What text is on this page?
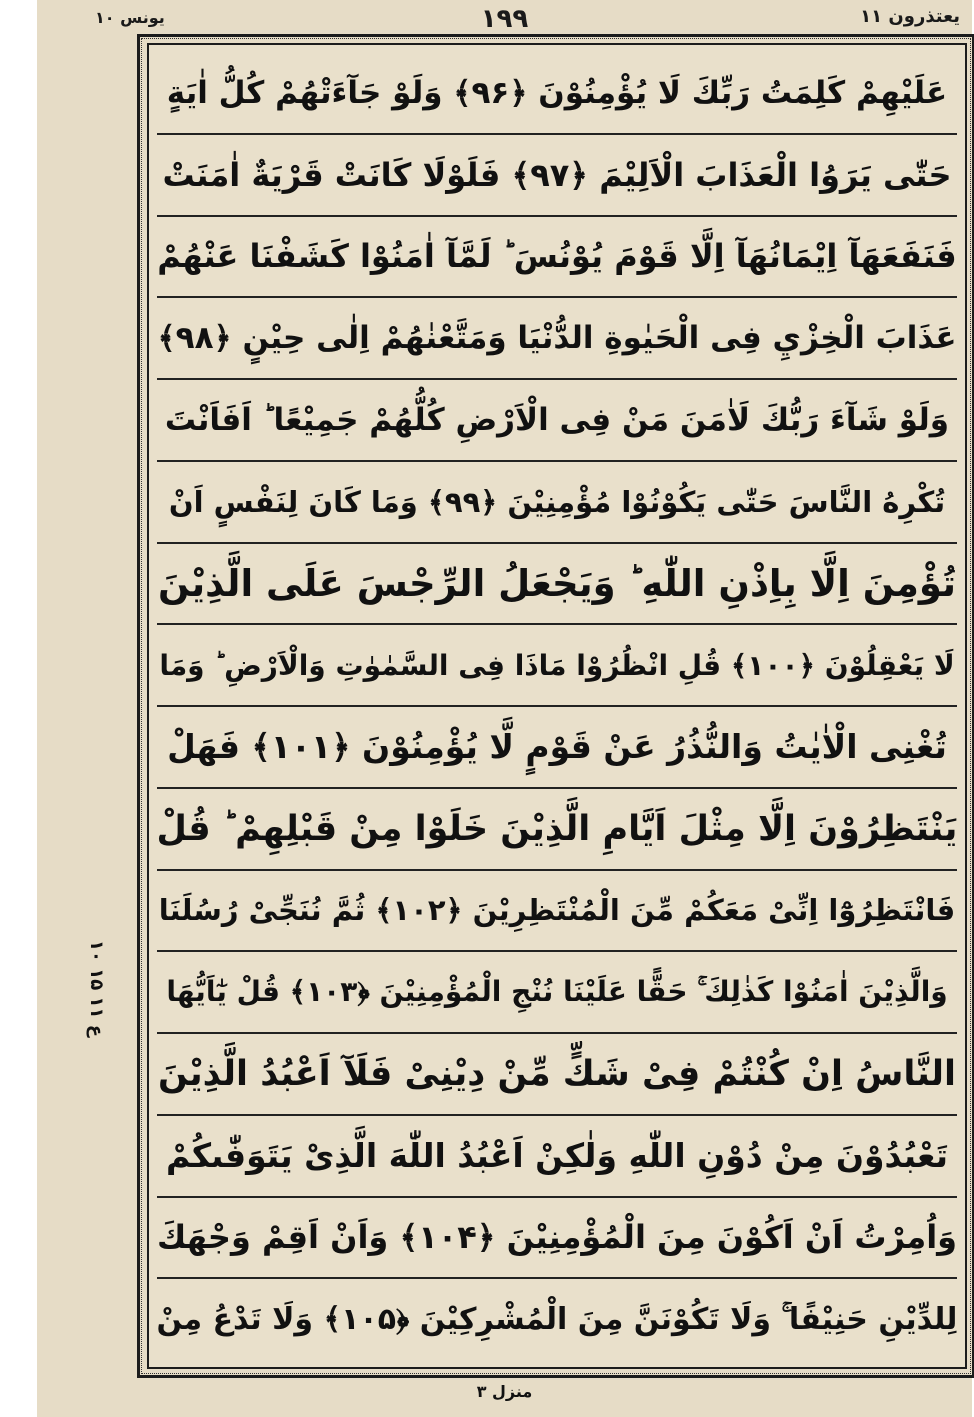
یعتذرون ۱۱
۱۹۹
یونس ۱۰
عَلَيْهِمْ كَلِمَتُ رَبِّكَ لَا يُؤْمِنُوْنَ ﴿۹۶﴾ وَلَوْ جَآءَتْهُمْ كُلُّ اٰيَةٍ
حَتّٰى يَرَوُا الْعَذَابَ الْاَلِيْمَ ﴿۹۷﴾ فَلَوْلَا كَانَتْ قَرْيَةٌ اٰمَنَتْ
فَنَفَعَهَآ اِيْمَانُهَآ اِلَّا قَوْمَ يُوْنُسَ ؕ لَمَّآ اٰمَنُوْا كَشَفْنَا عَنْهُمْ
عَذَابَ الْخِزْيِ فِى الْحَيٰوةِ الدُّنْيَا وَمَتَّعْنٰهُمْ اِلٰى حِيْنٍ ﴿۹۸﴾
وَلَوْ شَآءَ رَبُّكَ لَاٰمَنَ مَنْ فِى الْاَرْضِ كُلُّهُمْ جَمِيْعًا ؕ اَفَاَنْتَ
تُكْرِهُ النَّاسَ حَتّٰى يَكُوْنُوْا مُؤْمِنِيْنَ ﴿۹۹﴾ وَمَا كَانَ لِنَفْسٍ اَنْ
تُؤْمِنَ اِلَّا بِاِذْنِ اللّٰهِ ؕ وَيَجْعَلُ الرِّجْسَ عَلَى الَّذِيْنَ
لَا يَعْقِلُوْنَ ﴿۱۰۰﴾ قُلِ انْظُرُوْا مَاذَا فِى السَّمٰوٰتِ وَالْاَرْضِ ؕ وَمَا
تُغْنِى الْاٰيٰتُ وَالنُّذُرُ عَنْ قَوْمٍ لَّا يُؤْمِنُوْنَ ﴿۱۰۱﴾ فَهَلْ
يَنْتَظِرُوْنَ اِلَّا مِثْلَ اَيَّامِ الَّذِيْنَ خَلَوْا مِنْ قَبْلِهِمْ ؕ قُلْ
فَانْتَظِرُوْٓا اِنِّىْ مَعَكُمْ مِّنَ الْمُنْتَظِرِيْنَ ﴿۱۰۲﴾ ثُمَّ نُنَجِّىْ رُسُلَنَا
وَالَّذِيْنَ اٰمَنُوْا كَذٰلِكَ ۚ حَقًّا عَلَيْنَا نُنْجِ الْمُؤْمِنِيْنَ ﴿۱۰۳﴾ قُلْ يٰٓاَيُّهَا
النَّاسُ اِنْ كُنْتُمْ فِىْ شَكٍّ مِّنْ دِيْنِىْ فَلَآ اَعْبُدُ الَّذِيْنَ
تَعْبُدُوْنَ مِنْ دُوْنِ اللّٰهِ وَلٰكِنْ اَعْبُدُ اللّٰهَ الَّذِىْ يَتَوَفّٰىكُمْ
وَاُمِرْتُ اَنْ اَكُوْنَ مِنَ الْمُؤْمِنِيْنَ ﴿۱۰۴﴾ وَاَنْ اَقِمْ وَجْهَكَ
لِلدِّيْنِ حَنِيْفًا ۚ وَلَا تَكُوْنَنَّ مِنَ الْمُشْرِكِيْنَ ﴿۱۰۵﴾ وَلَا تَدْعُ مِنْ
ع ۱۱ ۱۵ ۱۰
منزل ۳
